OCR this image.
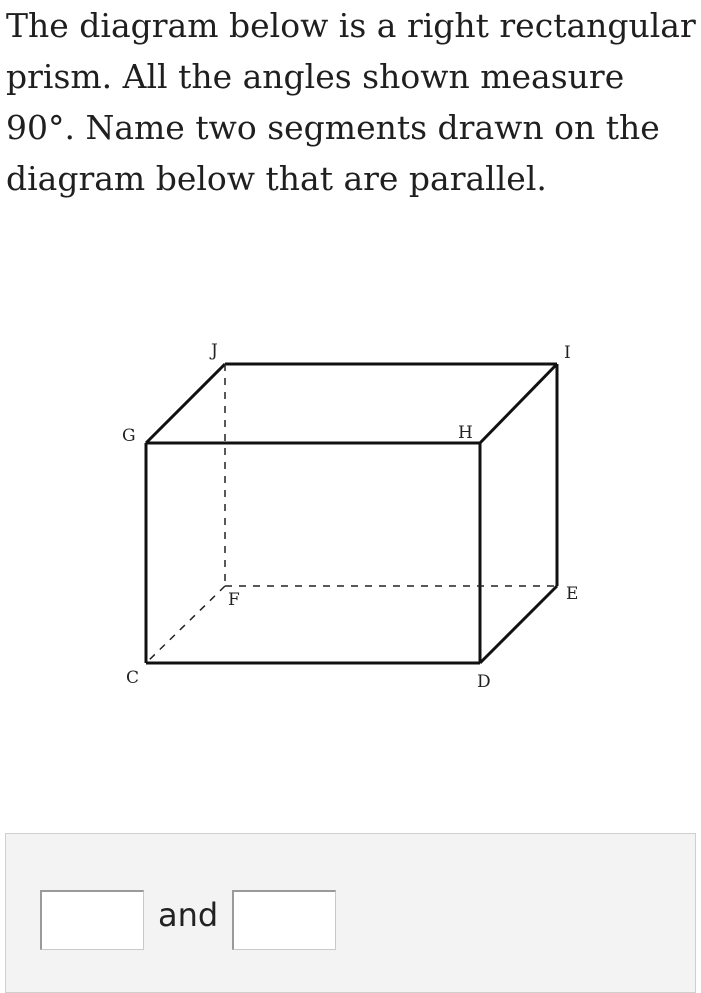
The diagram below is a right rectangular prism. All the angles shown measure 90°. Name two segments drawn on the diagram below that are parallel.

J	I
G	H
F	E
C	D
and
